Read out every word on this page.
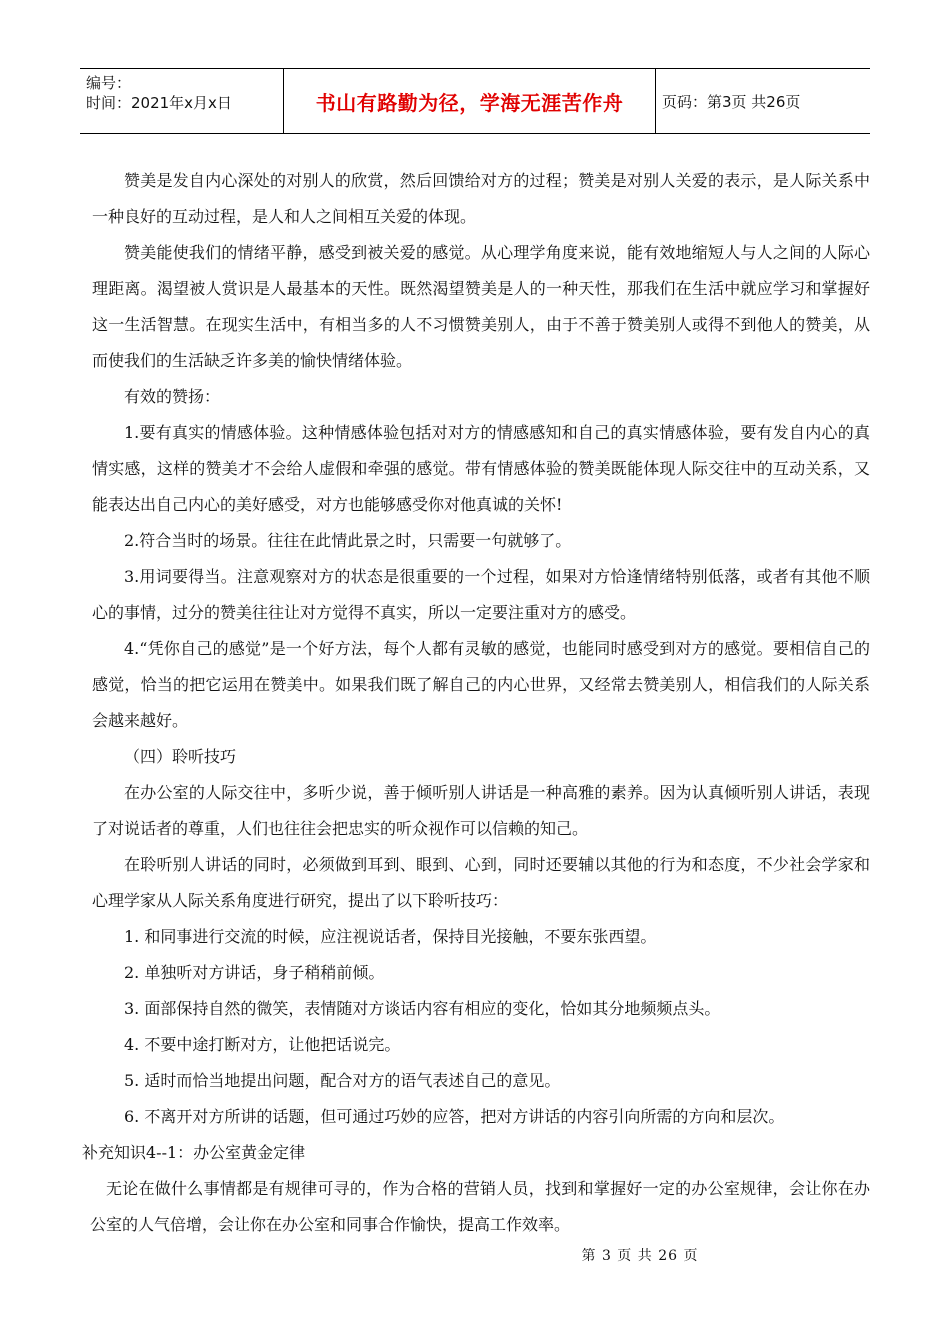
编号：
时间：2021年x月x日	书山有路勤为径，学海无涯苦作舟	页码：第3页 共26页

赞美是发自内心深处的对别人的欣赏，然后回馈给对方的过程；赞美是对别人关爱的表示，是人际关系中一种良好的互动过程，是人和人之间相互关爱的体现。

赞美能使我们的情绪平静，感受到被关爱的感觉。从心理学角度来说，能有效地缩短人与人之间的人际心理距离。渴望被人赏识是人最基本的天性。既然渴望赞美是人的一种天性，那我们在生活中就应学习和掌握好这一生活智慧。在现实生活中，有相当多的人不习惯赞美别人，由于不善于赞美别人或得不到他人的赞美，从而使我们的生活缺乏许多美的愉快情绪体验。

有效的赞扬：

1.要有真实的情感体验。这种情感体验包括对对方的情感感知和自己的真实情感体验，要有发自内心的真情实感，这样的赞美才不会给人虚假和牵强的感觉。带有情感体验的赞美既能体现人际交往中的互动关系，又能表达出自己内心的美好感受，对方也能够感受你对他真诚的关怀!

2.符合当时的场景。往往在此情此景之时，只需要一句就够了。

3.用词要得当。注意观察对方的状态是很重要的一个过程，如果对方恰逢情绪特别低落，或者有其他不顺心的事情，过分的赞美往往让对方觉得不真实，所以一定要注重对方的感受。

4.“凭你自己的感觉”是一个好方法，每个人都有灵敏的感觉，也能同时感受到对方的感觉。要相信自己的感觉，恰当的把它运用在赞美中。如果我们既了解自己的内心世界，又经常去赞美别人，相信我们的人际关系会越来越好。

（四）聆听技巧

在办公室的人际交往中，多听少说，善于倾听别人讲话是一种高雅的素养。因为认真倾听别人讲话，表现了对说话者的尊重，人们也往往会把忠实的听众视作可以信赖的知己。

在聆听别人讲话的同时，必须做到耳到、眼到、心到，同时还要辅以其他的行为和态度，不少社会学家和心理学家从人际关系角度进行研究，提出了以下聆听技巧：

1. 和同事进行交流的时候，应注视说话者，保持目光接触，不要东张西望。

2. 单独听对方讲话，身子稍稍前倾。

3. 面部保持自然的微笑，表情随对方谈话内容有相应的变化，恰如其分地频频点头。

4. 不要中途打断对方，让他把话说完。

5. 适时而恰当地提出问题，配合对方的语气表述自己的意见。

6. 不离开对方所讲的话题，但可通过巧妙的应答，把对方讲话的内容引向所需的方向和层次。

补充知识4--1：办公室黄金定律

无论在做什么事情都是有规律可寻的，作为合格的营销人员，找到和掌握好一定的办公室规律，会让你在办公室的人气倍增，会让你在办公室和同事合作愉快，提高工作效率。

第 3 页 共 26 页
